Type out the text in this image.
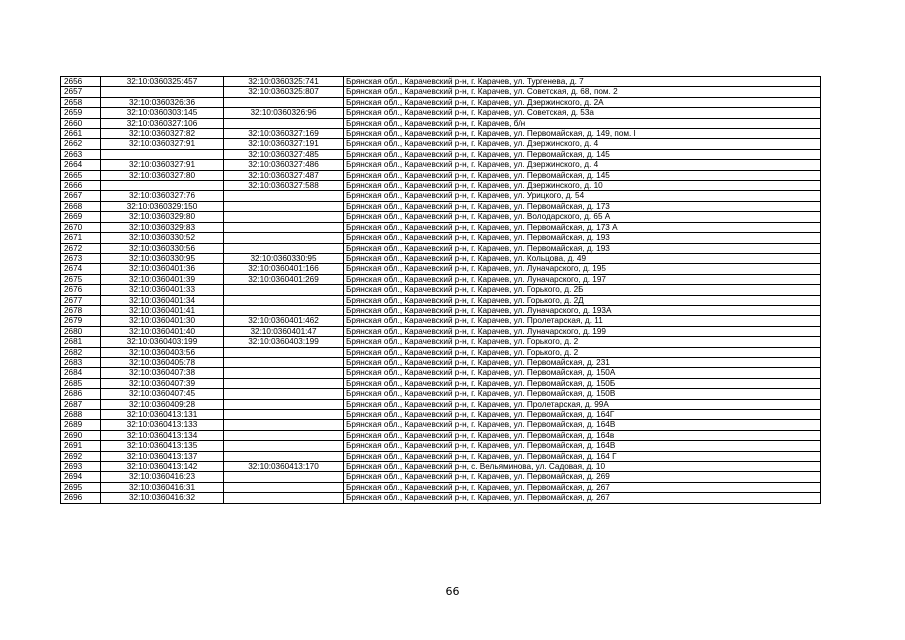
2656	32:10:0360325:457	32:10:0360325:741	Брянская обл., Карачевский р-н, г. Карачев, ул. Тургенева, д. 7
2657		32:10:0360325:807	Брянская обл., Карачевский р-н, г. Карачев, ул. Советская, д. 68, пом. 2
2658	32:10:0360326:36		Брянская обл., Карачевский р-н, г. Карачев, ул. Дзержинского, д. 2А
2659	32:10:0360303:145	32:10:0360326:96	Брянская обл., Карачевский р-н, г. Карачев, ул. Советская, д. 53а
2660	32:10:0360327:106		Брянская обл., Карачевский р-н, г. Карачев, б/н
2661	32:10:0360327:82	32:10:0360327:169	Брянская обл., Карачевский р-н, г. Карачев, ул. Первомайская, д. 149, пом. I
2662	32:10:0360327:91	32:10:0360327:191	Брянская обл., Карачевский р-н, г. Карачев, ул. Дзержинского, д. 4
2663		32:10:0360327:485	Брянская обл., Карачевский р-н, г. Карачев, ул. Первомайская, д. 145
2664	32:10:0360327:91	32:10:0360327:486	Брянская обл., Карачевский р-н, г. Карачев, ул. Дзержинского, д. 4
2665	32:10:0360327:80	32:10:0360327:487	Брянская обл., Карачевский р-н, г. Карачев, ул. Первомайская, д. 145
2666		32:10:0360327:588	Брянская обл., Карачевский р-н, г. Карачев, ул. Дзержинского, д. 10
2667	32:10:0360327:76		Брянская обл., Карачевский р-н, г. Карачев, ул. Урицкого, д. 54
2668	32:10:0360329:150		Брянская обл., Карачевский р-н, г. Карачев, ул. Первомайская, д. 173
2669	32:10:0360329:80		Брянская обл., Карачевский р-н, г. Карачев, ул. Володарского, д. 65 А
2670	32:10:0360329:83		Брянская обл., Карачевский р-н, г. Карачев, ул. Первомайская, д. 173 А
2671	32:10:0360330:52		Брянская обл., Карачевский р-н, г. Карачев, ул. Первомайская, д. 193
2672	32:10:0360330:56		Брянская обл., Карачевский р-н, г. Карачев, ул. Первомайская, д. 193
2673	32:10:0360330:95	32:10:0360330:95	Брянская обл., Карачевский р-н, г. Карачев, ул. Кольцова, д. 49
2674	32:10:0360401:36	32:10:0360401:166	Брянская обл., Карачевский р-н, г. Карачев, ул. Луначарского, д. 195
2675	32:10:0360401:39	32:10:0360401:269	Брянская обл., Карачевский р-н, г. Карачев, ул. Луначарского, д. 197
2676	32:10:0360401:33		Брянская обл., Карачевский р-н, г. Карачев, ул. Горького, д. 2Б
2677	32:10:0360401:34		Брянская обл., Карачевский р-н, г. Карачев, ул. Горького, д. 2Д
2678	32:10:0360401:41		Брянская обл., Карачевский р-н, г. Карачев, ул. Луначарского, д. 193А
2679	32:10:0360401:30	32:10:0360401:462	Брянская обл., Карачевский р-н, г. Карачев, ул. Пролетарская, д. 11
2680	32:10:0360401:40	32:10:0360401:47	Брянская обл., Карачевский р-н, г. Карачев, ул. Луначарского, д. 199
2681	32:10:0360403:199	32:10:0360403:199	Брянская обл., Карачевский р-н, г. Карачев, ул. Горького, д. 2
2682	32:10:0360403:56		Брянская обл., Карачевский р-н, г. Карачев, ул. Горького, д. 2
2683	32:10:0360405:78		Брянская обл., Карачевский р-н, г. Карачев, ул. Первомайская, д. 231
2684	32:10:0360407:38		Брянская обл., Карачевский р-н, г. Карачев, ул. Первомайская, д. 150А
2685	32:10:0360407:39		Брянская обл., Карачевский р-н, г. Карачев, ул. Первомайская, д. 150Б
2686	32:10:0360407:45		Брянская обл., Карачевский р-н, г. Карачев, ул. Первомайская, д. 150В
2687	32:10:0360409:28		Брянская обл., Карачевский р-н, г. Карачев, ул. Пролетарская, д. 99А
2688	32:10:0360413:131		Брянская обл., Карачевский р-н, г. Карачев, ул. Первомайская, д. 164Г
2689	32:10:0360413:133		Брянская обл., Карачевский р-н, г. Карачев, ул. Первомайская, д. 164В
2690	32:10:0360413:134		Брянская обл., Карачевский р-н, г. Карачев, ул. Первомайская, д. 164в
2691	32:10:0360413:135		Брянская обл., Карачевский р-н, г. Карачев, ул. Первомайская, д. 164В
2692	32:10:0360413:137		Брянская обл., Карачевский р-н, г. Карачев, ул. Первомайская, д. 164 Г
2693	32:10:0360413:142	32:10:0360413:170	Брянская обл., Карачевский р-н, с. Вельяминова, ул. Садовая, д. 10
2694	32:10:0360416:23		Брянская обл., Карачевский р-н, г. Карачев, ул. Первомайская, д. 269
2695	32:10:0360416:31		Брянская обл., Карачевский р-н, г. Карачев, ул. Первомайская, д. 267
2696	32:10:0360416:32		Брянская обл., Карачевский р-н, г. Карачев, ул. Первомайская, д. 267
66
